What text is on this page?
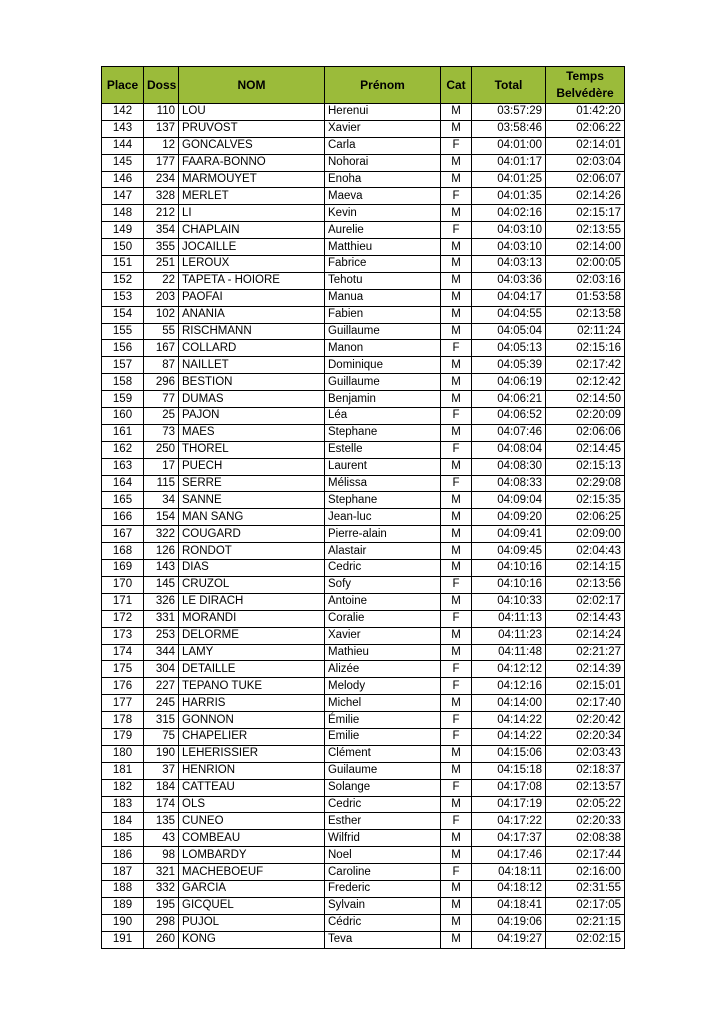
Place	Doss	NOM	Prénom	Cat	Total	Temps
Belvédère

142	110	LOU	Herenui	M	03:57:29	01:42:20
143	137	PRUVOST	Xavier	M	03:58:46	02:06:22
144	12	GONCALVES	Carla	F	04:01:00	02:14:01
145	177	FAARA-BONNO	Nohorai	M	04:01:17	02:03:04
146	234	MARMOUYET	Enoha	M	04:01:25	02:06:07
147	328	MERLET	Maeva	F	04:01:35	02:14:26
148	212	LI	Kevin	M	04:02:16	02:15:17
149	354	CHAPLAIN	Aurelie	F	04:03:10	02:13:55
150	355	JOCAILLE	Matthieu	M	04:03:10	02:14:00
151	251	LEROUX	Fabrice	M	04:03:13	02:00:05
152	22	TAPETA - HOIORE	Tehotu	M	04:03:36	02:03:16
153	203	PAOFAI	Manua	M	04:04:17	01:53:58
154	102	ANANIA	Fabien	M	04:04:55	02:13:58
155	55	RISCHMANN	Guillaume	M	04:05:04	02:11:24
156	167	COLLARD	Manon	F	04:05:13	02:15:16
157	87	NAILLET	Dominique	M	04:05:39	02:17:42
158	296	BESTION	Guillaume	M	04:06:19	02:12:42
159	77	DUMAS	Benjamin	M	04:06:21	02:14:50
160	25	PAJON	Léa	F	04:06:52	02:20:09
161	73	MAES	Stephane	M	04:07:46	02:06:06
162	250	THOREL	Estelle	F	04:08:04	02:14:45
163	17	PUECH	Laurent	M	04:08:30	02:15:13
164	115	SERRE	Mélissa	F	04:08:33	02:29:08
165	34	SANNE	Stephane	M	04:09:04	02:15:35
166	154	MAN SANG	Jean-luc	M	04:09:20	02:06:25
167	322	COUGARD	Pierre-alain	M	04:09:41	02:09:00
168	126	RONDOT	Alastair	M	04:09:45	02:04:43
169	143	DIAS	Cedric	M	04:10:16	02:14:15
170	145	CRUZOL	Sofy	F	04:10:16	02:13:56
171	326	LE DIRACH	Antoine	M	04:10:33	02:02:17
172	331	MORANDI	Coralie	F	04:11:13	02:14:43
173	253	DELORME	Xavier	M	04:11:23	02:14:24
174	344	LAMY	Mathieu	M	04:11:48	02:21:27
175	304	DETAILLE	Alizée	F	04:12:12	02:14:39
176	227	TEPANO TUKE	Melody	F	04:12:16	02:15:01
177	245	HARRIS	Michel	M	04:14:00	02:17:40
178	315	GONNON	Émilie	F	04:14:22	02:20:42
179	75	CHAPELIER	Emilie	F	04:14:22	02:20:34
180	190	LEHERISSIER	Clément	M	04:15:06	02:03:43
181	37	HENRION	Guilaume	M	04:15:18	02:18:37
182	184	CATTEAU	Solange	F	04:17:08	02:13:57
183	174	OLS	Cedric	M	04:17:19	02:05:22
184	135	CUNEO	Esther	F	04:17:22	02:20:33
185	43	COMBEAU	Wilfrid	M	04:17:37	02:08:38
186	98	LOMBARDY	Noel	M	04:17:46	02:17:44
187	321	MACHEBOEUF	Caroline	F	04:18:11	02:16:00
188	332	GARCIA	Frederic	M	04:18:12	02:31:55
189	195	GICQUEL	Sylvain	M	04:18:41	02:17:05
190	298	PUJOL	Cédric	M	04:19:06	02:21:15
191	260	KONG	Teva	M	04:19:27	02:02:15
